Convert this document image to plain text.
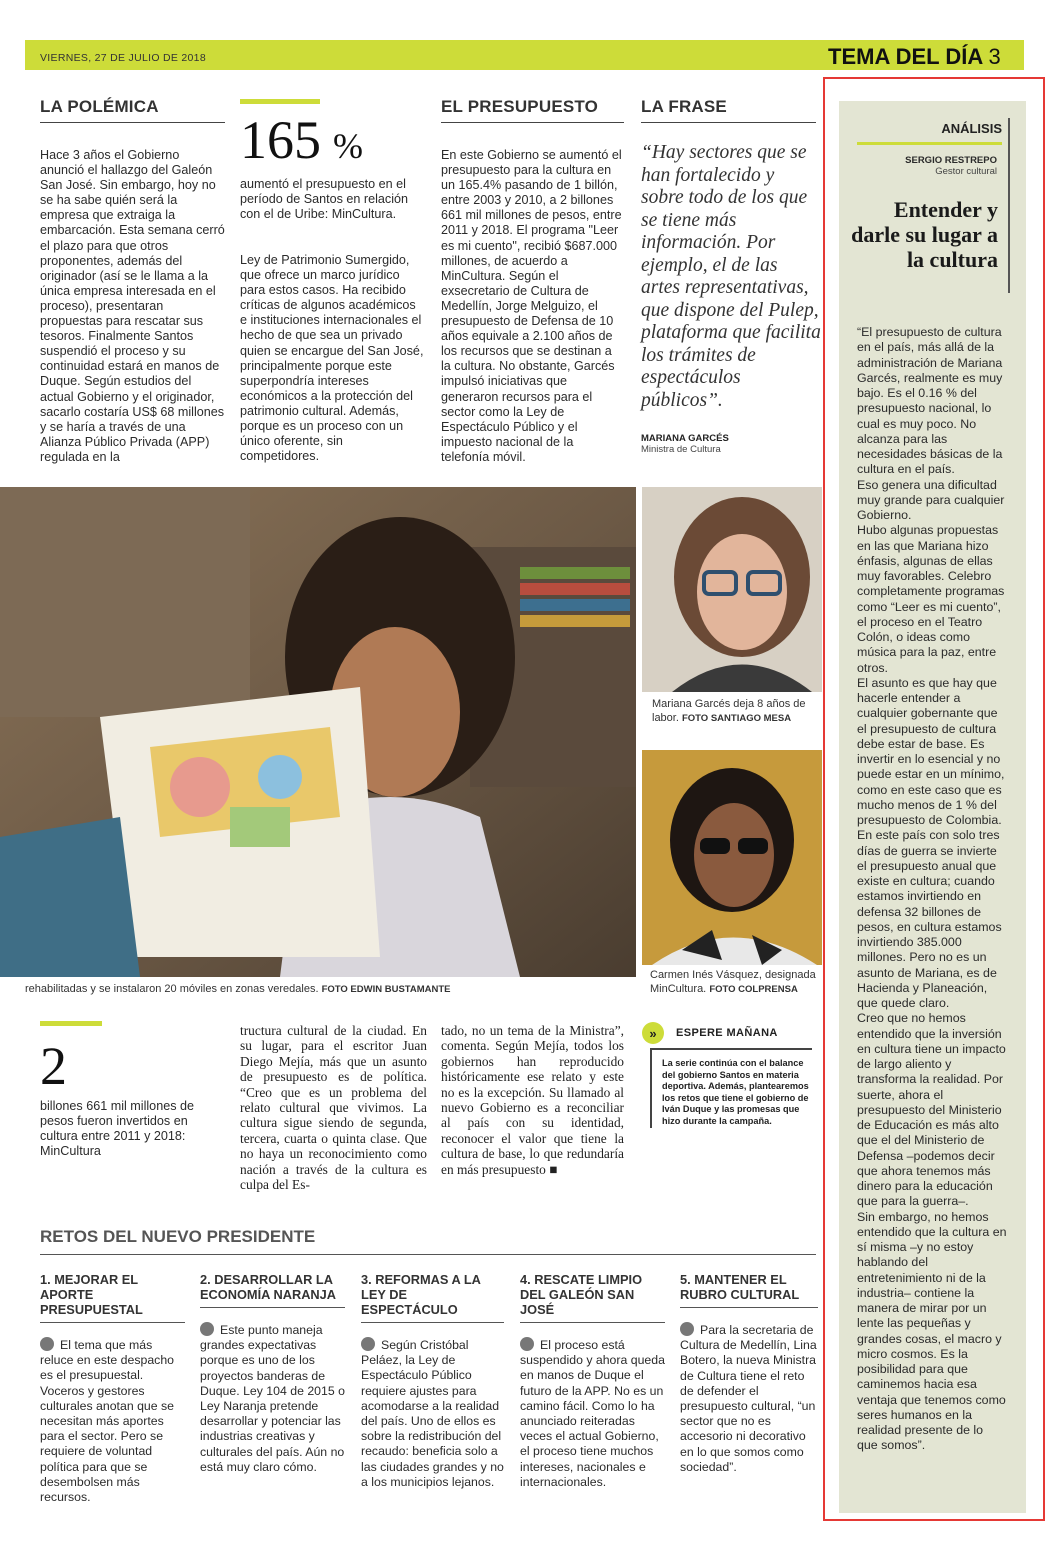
VIERNES, 27 DE JULIO DE 2018	TEMA DEL DÍA 3
LA POLÉMICA
Hace 3 años el Gobierno anunció el hallazgo del Galeón San José. Sin embargo, hoy no se ha sabe quién será la empresa que extraiga la embarcación. Esta semana cerró el plazo para que otros proponentes, además del originador (así se le llama a la única empresa interesada en el proceso), presentaran propuestas para rescatar sus tesoros. Finalmente Santos suspendió el proceso y su continuidad estará en manos de Duque. Según estudios del actual Gobierno y el originador, sacarlo costaría US$ 68 millones y se haría a través de una Alianza Público Privada (APP) regulada en la
165 %
aumentó el presupuesto en el período de Santos en relación con el de Uribe: MinCultura.
Ley de Patrimonio Sumergido, que ofrece un marco jurídico para estos casos. Ha recibido críticas de algunos académicos e instituciones internacionales el hecho de que sea un privado quien se encargue del San José, principalmente porque este superpondría intereses económicos a la protección del patrimonio cultural. Además, porque es un proceso con un único oferente, sin competidores.
EL PRESUPUESTO
En este Gobierno se aumentó el presupuesto para la cultura en un 165.4% pasando de 1 billón, entre 2003 y 2010, a 2 billones 661 mil millones de pesos, entre 2011 y 2018. El programa "Leer es mi cuento", recibió $687.000 millones, de acuerdo a MinCultura. Según el exsecretario de Cultura de Medellín, Jorge Melguizo, el presupuesto de Defensa de 10 años equivale a 2.100 años de los recursos que se destinan a la cultura. No obstante, Garcés impulsó iniciativas que generaron recursos para el sector como la Ley de Espectáculo Público y el impuesto nacional de la telefonía móvil.
LA FRASE
“Hay sectores que se han fortalecido y sobre todo de los que se tiene más información. Por ejemplo, el de las artes representativas, que dispone del Pulep, plataforma que facilita los trámites de espectáculos públicos”.
MARIANA GARCÉS
Ministra de Cultura
rehabilitadas y se instalaron 20 móviles en zonas veredales. FOTO EDWIN BUSTAMANTE
Mariana Garcés deja 8 años de labor. FOTO SANTIAGO MESA
Carmen Inés Vásquez, designada MinCultura. FOTO COLPRENSA
2
billones 661 mil millones de pesos fueron invertidos en cultura entre 2011 y 2018: MinCultura
tructura cultural de la ciudad. En su lugar, para el escritor Juan Diego Mejía, más que un asunto de presupuesto es de política. “Creo que es un problema del relato cultural que vivimos. La cultura sigue siendo de segunda, tercera, cuarta o quinta clase. Que no haya un reconocimiento como nación a través de la cultura es culpa del Es-
tado, no un tema de la Ministra”, comenta. Según Mejía, todos los gobiernos han reproducido históricamente ese relato y este no es la excepción. Su llamado al nuevo Gobierno es a reconciliar al país con su identidad, reconocer el valor que tiene la cultura de base, lo que redundaría en más presupuesto ■
»	ESPERE MAÑANA
La serie continúa con el balance del gobierno Santos en materia deportiva. Además, plantearemos los retos que tiene el gobierno de Iván Duque y las promesas que hizo durante la campaña.
RETOS DEL NUEVO PRESIDENTE
1. MEJORAR EL APORTE PRESUPUESTAL
El tema que más reluce en este despacho es el presupuestal. Voceros y gestores culturales anotan que se necesitan más aportes para el sector. Pero se requiere de voluntad política para que se desembolsen más recursos.
2. DESARROLLAR LA ECONOMÍA NARANJA
Este punto maneja grandes expectativas porque es uno de los proyectos banderas de Duque. Ley 104 de 2015 o Ley Naranja pretende desarrollar y potenciar las industrias creativas y culturales del país. Aún no está muy claro cómo.
3. REFORMAS A LA LEY DE ESPECTÁCULO
Según Cristóbal Peláez, la Ley de Espectáculo Público requiere ajustes para acomodarse a la realidad del país. Uno de ellos es sobre la redistribución del recaudo: beneficia solo a las ciudades grandes y no a los municipios lejanos.
4. RESCATE LIMPIO DEL GALEÓN SAN JOSÉ
El proceso está suspendido y ahora queda en manos de Duque el futuro de la APP. No es un camino fácil. Como lo ha anunciado reiteradas veces el actual Gobierno, el proceso tiene muchos intereses, nacionales e internacionales.
5. MANTENER EL RUBRO CULTURAL
Para la secretaria de Cultura de Medellín, Lina Botero, la nueva Ministra de Cultura tiene el reto de defender el presupuesto cultural, “un sector que no es accesorio ni decorativo en lo que somos como sociedad”.
ANÁLISIS
SERGIO RESTREPO
Gestor cultural
Entender y darle su lugar a la cultura

“El presupuesto de cultura en el país, más allá de la administración de Mariana Garcés, realmente es muy bajo. Es el 0.16 % del presupuesto nacional, lo cual es muy poco. No alcanza para las necesidades básicas de la cultura en el país.

Eso genera una dificultad muy grande para cualquier Gobierno.

Hubo algunas propuestas en las que Mariana hizo énfasis, algunas de ellas muy favorables. Celebro completamente programas como “Leer es mi cuento”, el proceso en el Teatro Colón, o ideas como música para la paz, entre otros.

El asunto es que hay que hacerle entender a cualquier gobernante que el presupuesto de cultura debe estar de base. Es invertir en lo esencial y no puede estar en un mínimo, como en este caso que es mucho menos de 1 % del presupuesto de Colombia. En este país con solo tres días de guerra se invierte el presupuesto anual que existe en cultura; cuando estamos invirtiendo en defensa 32 billones de pesos, en cultura estamos invirtiendo 385.000 millones. Pero no es un asunto de Mariana, es de Hacienda y Planeación, que quede claro.

Creo que no hemos entendido que la inversión en cultura tiene un impacto de largo aliento y transforma la realidad. Por suerte, ahora el presupuesto del Ministerio de Educación es más alto que el del Ministerio de Defensa –podemos decir que ahora tenemos más dinero para la educación que para la guerra–.

Sin embargo, no hemos entendido que la cultura en sí misma –y no estoy hablando del entretenimiento ni de la industria– contiene la manera de mirar por un lente las pequeñas y grandes cosas, el macro y micro cosmos. Es la posibilidad para que caminemos hacia esa ventaja que tenemos como seres humanos en la realidad presente de lo que somos”.
